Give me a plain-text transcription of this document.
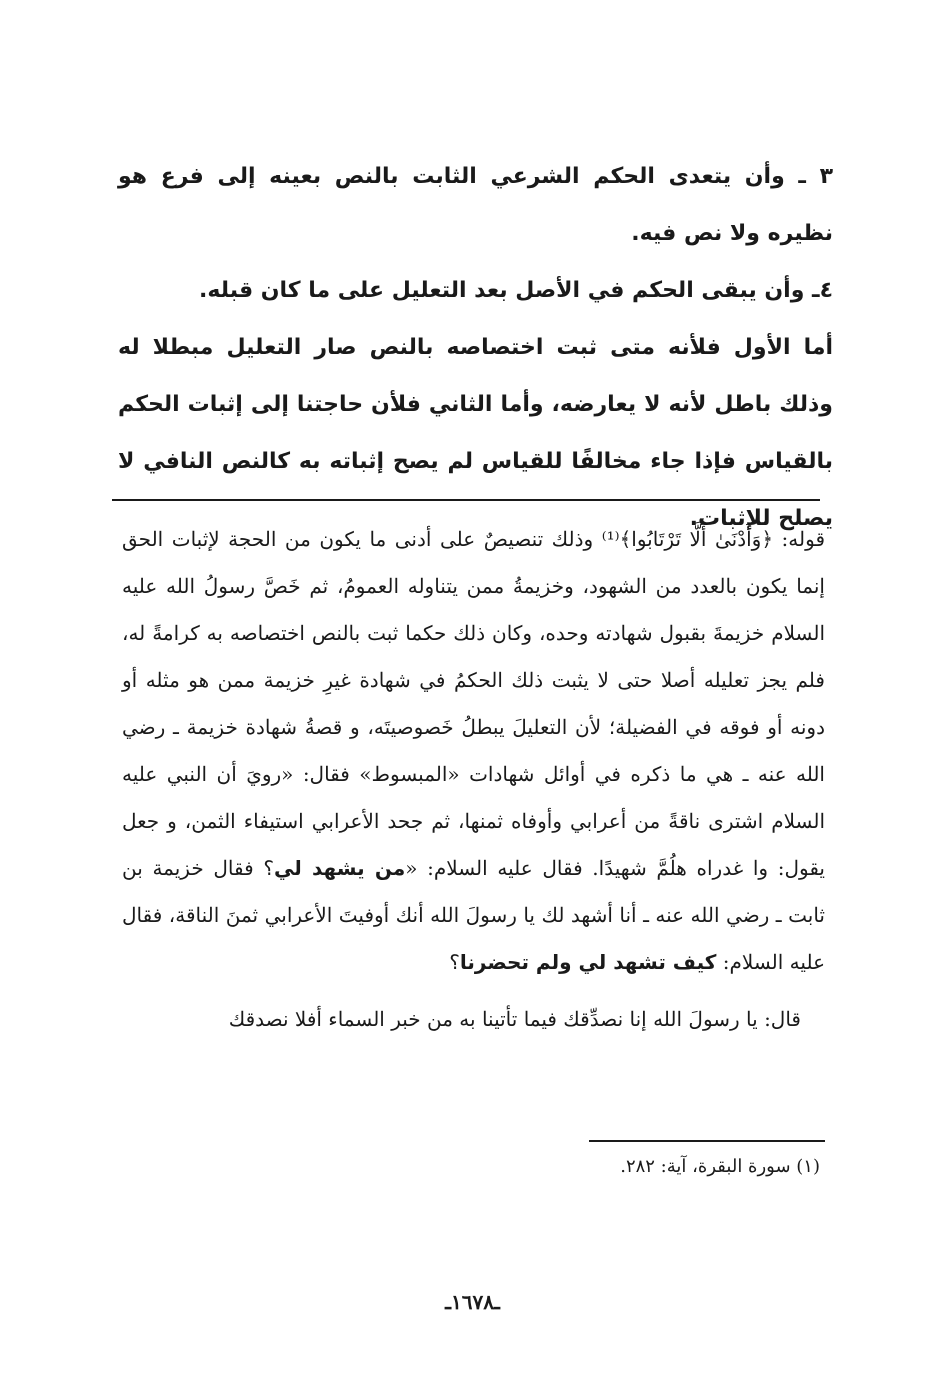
٣ ـ وأن يتعدى الحكم الشرعي الثابت بالنص بعينه إلى فرع هو نظيره ولا نص فيه.

٤ـ وأن يبقى الحكم في الأصل بعد التعليل على ما كان قبله.

أما الأول فلأنه متى ثبت اختصاصه بالنص صار التعليل مبطلا له وذلك باطل لأنه لا يعارضه، وأما الثاني فلأن حاجتنا إلى إثبات الحكم بالقياس فإذا جاء مخالفًا للقياس لم يصح إثباته به كالنص النافي لا يصلح للإثبات.

قوله: ﴿وَأَدْنَىٰ أَلَّا تَرْتَابُوا﴾⁽¹⁾ وذلك تنصيصٌ على أدنى ما يكون من الحجة لإثبات الحق إنما يكون بالعدد من الشهود، وخزيمةُ ممن يتناوله العمومُ، ثم خَصَّ رسولُ الله عليه السلام خزيمةَ بقبول شهادته وحده، وكان ذلك حكما ثبت بالنص اختصاصه به كرامةً له، فلم يجز تعليله أصلا حتى لا يثبت ذلك الحكمُ في شهادة غيرِ خزيمة ممن هو مثله أو دونه أو فوقه في الفضيلة؛ لأن التعليلَ يبطلُ خَصوصيتَه، و قصةُ شهادة خزيمة ـ رضي الله عنه ـ هي ما ذكره في أوائل شهادات «المبسوط» فقال: «رويَ أن النبي عليه السلام اشترى ناقةً من أعرابي وأوفاه ثمنها، ثم جحد الأعرابي استيفاء الثمن، و جعل يقول: وا غدراه هلُمَّ شهيدًا. فقال عليه السلام: «من يشهد لي؟ فقال خزيمة بن ثابت ـ رضي الله عنه ـ أنا أشهد لك يا رسولَ الله أنك أوفيتَ الأعرابي ثمنَ الناقة، فقال عليه السلام: كيف تشهد لي ولم تحضرنا؟

قال: يا رسولَ الله إنا نصدِّقك فيما تأتينا به من خبر السماء أفلا نصدقك

(١) سورة البقرة، آية: ٢٨٢.
ـ١٦٧٨ـ
